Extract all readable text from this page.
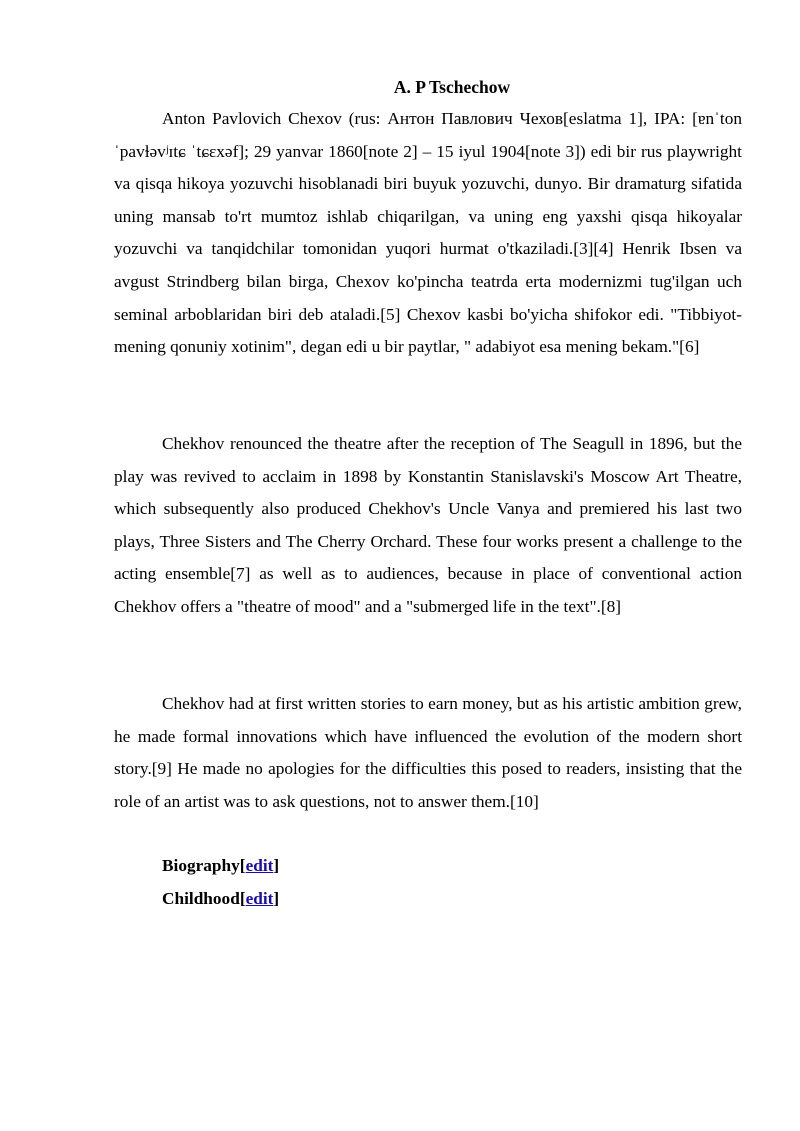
A. P Tschechow

Anton Pavlovich Chexov (rus: Антон Павлович Чехов[eslatma 1], IPA: [ɐnˈton ˈpavɫəvʲɪtɕ ˈtɕɛxəf]; 29 yanvar 1860[note 2] – 15 iyul 1904[note 3]) edi bir rus playwright va qisqa hikoya yozuvchi hisoblanadi biri buyuk yozuvchi, dunyo. Bir dramaturg sifatida uning mansab to'rt mumtoz ishlab chiqarilgan, va uning eng yaxshi qisqa hikoyalar yozuvchi va tanqidchilar tomonidan yuqori hurmat o'tkaziladi.[3][4] Henrik Ibsen va avgust Strindberg bilan birga, Chexov ko'pincha teatrda erta modernizmi tug'ilgan uch seminal arboblaridan biri deb ataladi.[5] Chexov kasbi bo'yicha shifokor edi. "Tibbiyot-mening qonuniy xotinim", degan edi u bir paytlar, " adabiyot esa mening bekam."[6]

Chekhov renounced the theatre after the reception of The Seagull in 1896, but the play was revived to acclaim in 1898 by Konstantin Stanislavski's Moscow Art Theatre, which subsequently also produced Chekhov's Uncle Vanya and premiered his last two plays, Three Sisters and The Cherry Orchard. These four works present a challenge to the acting ensemble[7] as well as to audiences, because in place of conventional action Chekhov offers a "theatre of mood" and a "submerged life in the text".[8]

Chekhov had at first written stories to earn money, but as his artistic ambition grew, he made formal innovations which have influenced the evolution of the modern short story.[9] He made no apologies for the difficulties this posed to readers, insisting that the role of an artist was to ask questions, not to answer them.[10]

Biography[edit]
Childhood[edit]
